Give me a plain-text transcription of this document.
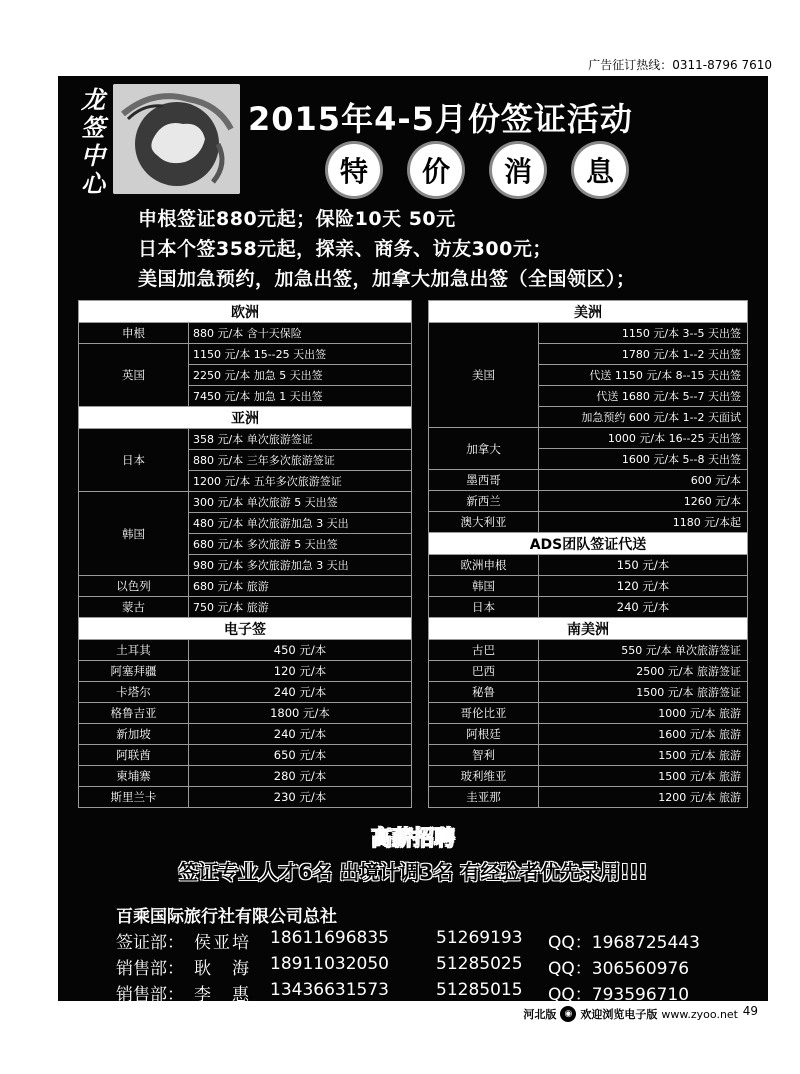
广告征订热线：0311-8796 7610
龙
签
中
心
2015年4-5月份签证活动
特	价	消	息
申根签证880元起；保险10天 50元
日本个签358元起，探亲、商务、访友300元；
美国加急预约，加急出签，加拿大加急出签（全国领区）；
欧洲	
申根	880 元/本 含十天保险
英国	1150 元/本 15--25 天出签
	2250 元/本 加急 5 天出签
	7450 元/本 加急 1 天出签
亚洲	
日本	358 元/本 单次旅游签证
	880 元/本 三年多次旅游签证
	1200 元/本 五年多次旅游签证
韩国	300 元/本 单次旅游 5 天出签
	480 元/本 单次旅游加急 3 天出
	680 元/本 多次旅游 5 天出签
	980 元/本 多次旅游加急 3 天出
以色列	680 元/本 旅游
蒙古	750 元/本 旅游
电子签	
土耳其	450 元/本
阿塞拜疆	120 元/本
卡塔尔	240 元/本
格鲁吉亚	1800 元/本
新加坡	240 元/本
阿联酋	650 元/本
柬埔寨	280 元/本
斯里兰卡	230 元/本
美洲	
美国	1150 元/本 3--5 天出签
	1780 元/本 1--2 天出签
	代送 1150 元/本 8--15 天出签
	代送 1680 元/本 5--7 天出签
	加急预约 600 元/本 1--2 天面试
加拿大	1000 元/本 16--25 天出签
	1600 元/本 5--8 天出签
墨西哥	600 元/本
新西兰	1260 元/本
澳大利亚	1180 元/本起
ADS团队签证代送	
欧洲申根	150 元/本
韩国	120 元/本
日本	240 元/本
南美洲	
古巴	550 元/本 单次旅游签证
巴西	2500 元/本 旅游签证
秘鲁	1500 元/本 旅游签证
哥伦比亚	1000 元/本 旅游
阿根廷	1600 元/本 旅游
智利	1500 元/本 旅游
玻利维亚	1500 元/本 旅游
圭亚那	1200 元/本 旅游
高薪招聘
签证专业人才6名 出境计调3名 有经验者优先录用!!!
百乘国际旅行社有限公司总社
签证部： 侯亚培	18611696835	51269193	QQ：1968725443
销售部： 耿　海	18911032050	51285025	QQ：306560976
销售部： 李　惠	13436631573	51285015	QQ：793596710
河北版 ◉ 欢迎浏览电子版 www.zyoo.net 49
